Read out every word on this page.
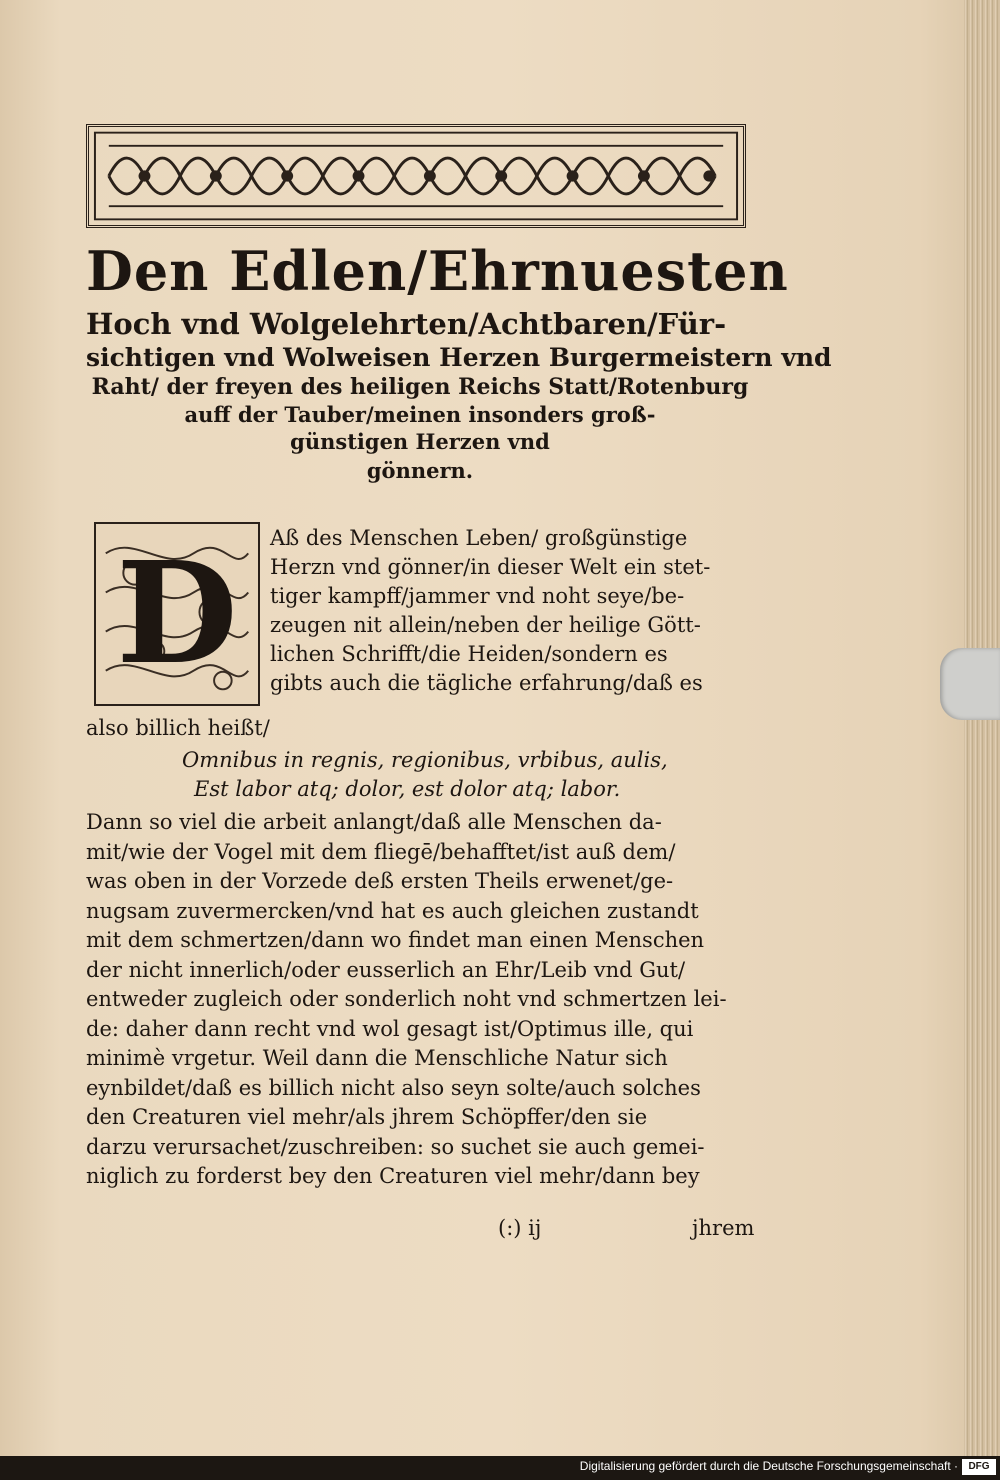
Den Edlen/Ehrnuesten
Hoch vnd Wolgelehrten/Achtbaren/Für-
sichtigen vnd Wolweisen Herzen Burgermeistern vnd
Raht/ der freyen des heiligen Reichs Statt/Rotenburg
auff der Tauber/meinen insonders groß-
günstigen Herzen vnd
gönnern.
D	Aß des Menschen Leben/ großgünstige
Herzn vnd gönner/in dieser Welt ein stet-
tiger kampff/jammer vnd noht seye/be-
zeugen nit allein/neben der heilige Gött-
lichen Schrifft/die Heiden/sondern es
gibts auch die tägliche erfahrung/daß es
also billich heißt/
Omnibus in regnis, regionibus, vrbibus, aulis,
Est labor atq; dolor, est dolor atq; labor.
Dann so viel die arbeit anlangt/daß alle Menschen da-
mit/wie der Vogel mit dem fliegē/behafftet/ist auß dem/
was oben in der Vorzede deß ersten Theils erwenet/ge-
nugsam zuvermercken/vnd hat es auch gleichen zustandt
mit dem schmertzen/dann wo findet man einen Menschen
der nicht innerlich/oder eusserlich an Ehr/Leib vnd Gut/
entweder zugleich oder sonderlich noht vnd schmertzen lei-
de: daher dann recht vnd wol gesagt ist/Optimus ille, qui
minimè vrgetur. Weil dann die Menschliche Natur sich
eynbildet/daß es billich nicht also seyn solte/auch solches
den Creaturen viel mehr/als jhrem Schöpffer/den sie
darzu verursachet/zuschreiben: so suchet sie auch gemei-
niglich zu forderst bey den Creaturen viel mehr/dann bey
(:) ij	jhrem
Digitalisierung gefördert durch die Deutsche Forschungsgemeinschaft ·	DFG
